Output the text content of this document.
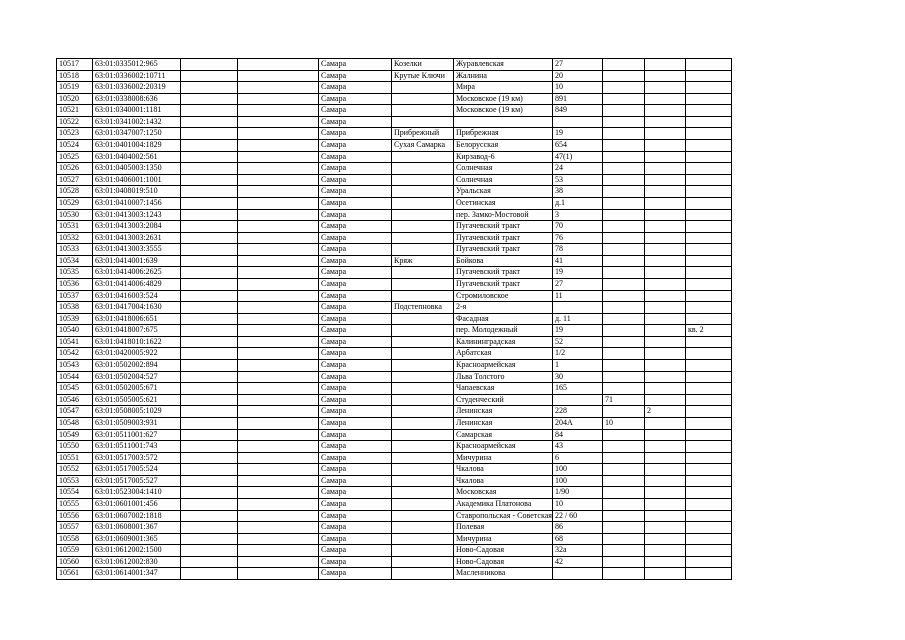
10517	63:01:0335012:965			Самара	Козелки	Журавлевская	27			
10518	63:01:0336002:10711			Самара	Крутые Ключи	Жалнина	20			
10519	63:01:0336002:20319			Самара		Мира	10			
10520	63:01:0338008:636			Самара		Московское (19 км)	891			
10521	63:01:0340001:1181			Самара		Московское (19 км)	849			
10522	63:01:0341002:1432			Самара						
10523	63:01:0347007:1250			Самара	Прибрежный	Прибрежная	19			
10524	63:01:0401004:1829			Самара	Сухая Самарка	Белорусская	654			
10525	63:01:0404002:561			Самара		Кирзавод-6	47(1)			
10526	63:01:0405003:1350			Самара		Солнечная	24			
10527	63:01:0406001:1001			Самара		Солнечная	53			
10528	63:01:0408019:510			Самара		Уральская	38			
10529	63:01:0410007:1456			Самара		Осетинская	д.1			
10530	63:01:0413003:1243			Самара		пер. Замко-Мостовой	3			
10531	63:01:0413003:2084			Самара		Пугачевский тракт	70			
10532	63:01:0413003:2631			Самара		Пугачевский тракт	76			
10533	63:01:0413003:3555			Самара		Пугачевский тракт	78			
10534	63:01:0414001:639			Самара	Кряж	Бойкова	41			
10535	63:01:0414006:2625			Самара		Пугачевский тракт	19			
10536	63:01:0414006:4829			Самара		Пугачевский тракт	27			
10537	63:01:0416003:524			Самара		Стромиловское	11			
10538	63:01:0417004:1630			Самара	Подстепновка	2-я				
10539	63:01:0418006:651			Самара		Фасадная	д. 11			
10540	63:01:0418007:675			Самара		пер. Молодежный	19			кв. 2
10541	63:01:0418010:1622			Самара		Калининградская	52			
10542	63:01:0420005:922			Самара		Арбатская	1/2			
10543	63:01:0502002:894			Самара		Красноармейская	1			
10544	63:01:0502004:527			Самара		Льва Толстого	30			
10545	63:01:0502005:671			Самара		Чапаевская	165			
10546	63:01:0505005:621			Самара		Студенческий		71		
10547	63:01:0508005:1029			Самара		Ленинская	228		2	
10548	63:01:0509003:931			Самара		Ленинская	204А	10		
10549	63:01:0511001:627			Самара		Самарская	84			
10550	63:01:0511001:743			Самара		Красноармейская	43			
10551	63:01:0517003:572			Самара		Мичурина	6			
10552	63:01:0517005:524			Самара		Чкалова	100			
10553	63:01:0517005:527			Самара		Чкалова	100			
10554	63:01:0523004:1410			Самара		Московская	1/90			
10555	63:01:0601001:456			Самара		Академика Платонова	10			
10556	63:01:0607002:1818			Самара		Ставропольская - Советская	22 / 60			
10557	63:01:0608001:367			Самара		Полевая	86			
10558	63:01:0609001:365			Самара		Мичурина	68			
10559	63:01:0612002:1500			Самара		Ново-Садовая	32а			
10560	63:01:0612002:830			Самара		Ново-Садовая	42			
10561	63:01:0614001:347			Самара		Масленникова				
